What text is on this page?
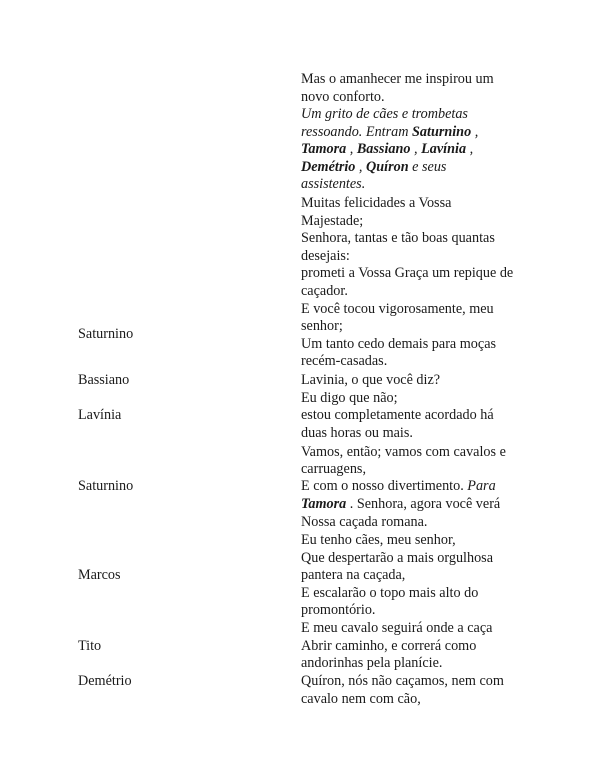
Saturnino
Bassiano
Lavínia
Saturnino
Marcos
Tito
Demétrio
Mas o amanhecer me inspirou um
novo conforto.
Um grito de cães e trombetas
ressoando. Entram Saturnino ,
Tamora , Bassiano , Lavínia ,
Demétrio , Quíron e seus
assistentes.
Muitas felicidades a Vossa
Majestade;
Senhora, tantas e tão boas quantas
desejais:
prometi a Vossa Graça um repique de
caçador.
E você tocou vigorosamente, meu
senhor;
Um tanto cedo demais para moças
recém-casadas.
Lavinia, o que você diz?
Eu digo que não;
estou completamente acordado há
duas horas ou mais.
Vamos, então; vamos com cavalos e
carruagens,
E com o nosso divertimento. Para
Tamora . Senhora, agora você verá
Nossa caçada romana.
Eu tenho cães, meu senhor,
Que despertarão a mais orgulhosa
pantera na caçada,
E escalarão o topo mais alto do
promontório.
E meu cavalo seguirá onde a caça
Abrir caminho, e correrá como
andorinhas pela planície.
Quíron, nós não caçamos, nem com
cavalo nem com cão,
